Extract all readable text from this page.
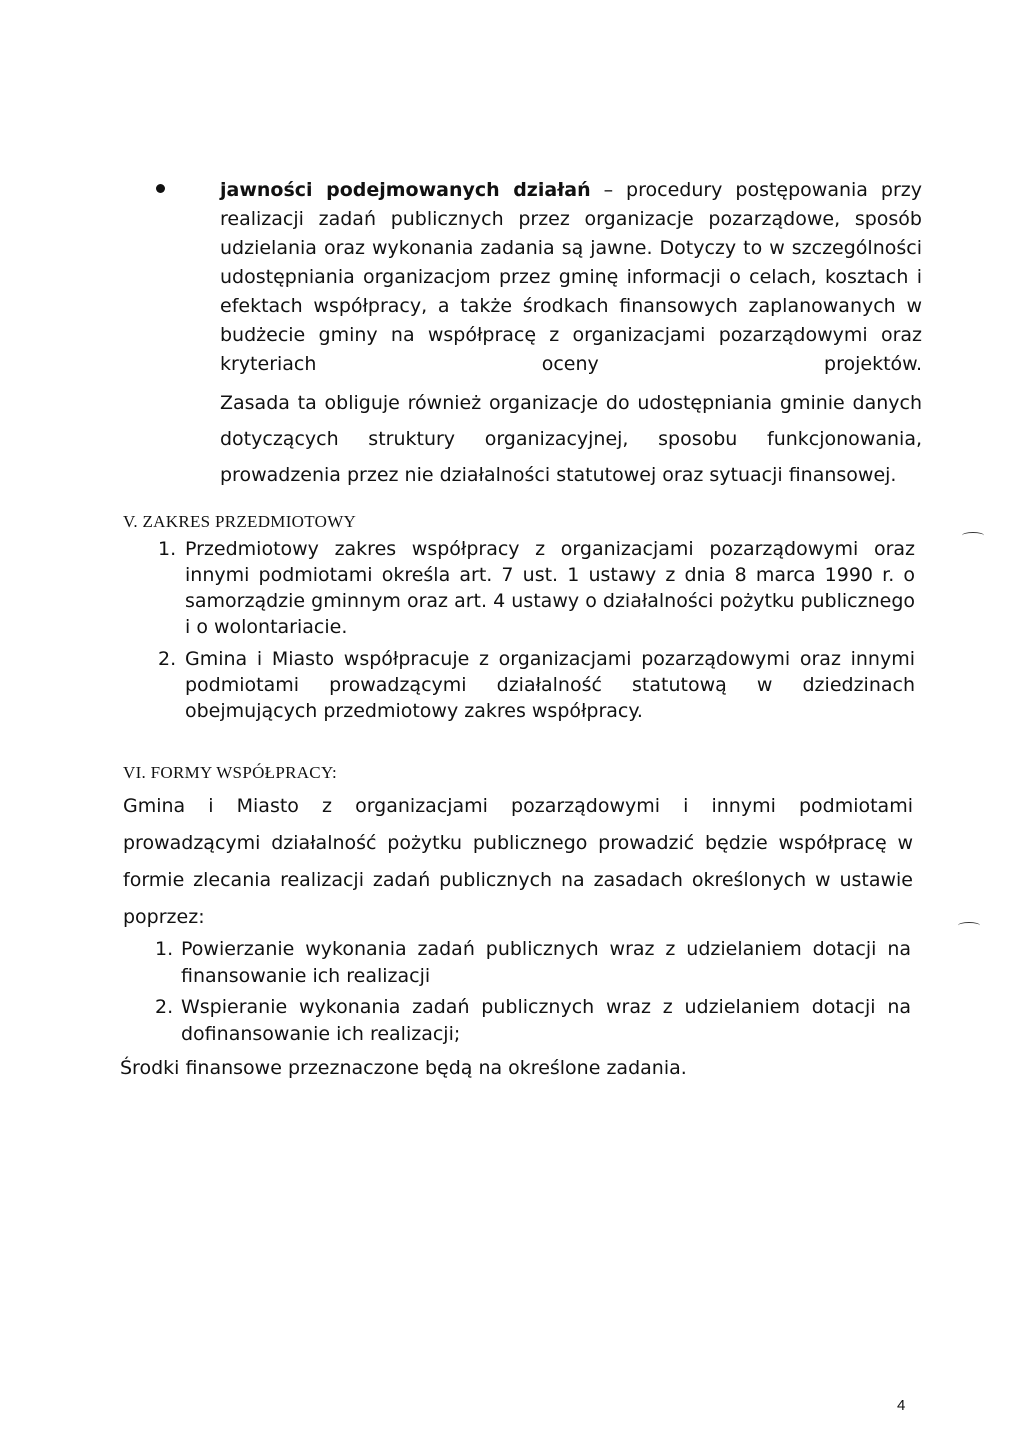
jawności podejmowanych działań – procedury postępowania przy realizacji zadań publicznych przez organizacje pozarządowe, sposób udzielania oraz wykonania zadania są jawne. Dotyczy to w szczególności udostępniania organizacjom przez gminę informacji o celach, kosztach i efektach współpracy, a także środkach finansowych zaplanowanych w budżecie gminy na współpracę z organizacjami pozarządowymi oraz kryteriach oceny projektów.

Zasada ta obliguje również organizacje do udostępniania gminie danych dotyczących struktury organizacyjnej, sposobu funkcjonowania, prowadzenia przez nie działalności statutowej oraz sytuacji finansowej.

V. ZAKRES PRZEDMIOTOWY
1. Przedmiotowy zakres współpracy z organizacjami pozarządowymi oraz innymi podmiotami określa art. 7 ust. 1 ustawy z dnia 8 marca 1990 r. o samorządzie gminnym oraz art. 4 ustawy o działalności pożytku publicznego i o wolontariacie.
2. Gmina i Miasto współpracuje z organizacjami pozarządowymi oraz innymi podmiotami prowadzącymi działalność statutową w dziedzinach obejmujących przedmiotowy zakres współpracy.
VI. FORMY WSPÓŁPRACY:

Gmina i Miasto z organizacjami pozarządowymi i innymi podmiotami prowadzącymi działalność pożytku publicznego prowadzić będzie współpracę w formie zlecania realizacji zadań publicznych na zasadach określonych w ustawie poprzez:

1. Powierzanie wykonania zadań publicznych wraz z udzielaniem dotacji na finansowanie ich realizacji
2. Wspieranie wykonania zadań publicznych wraz z udzielaniem dotacji na dofinansowanie ich realizacji;

Środki finansowe przeznaczone będą na określone zadania.

4
